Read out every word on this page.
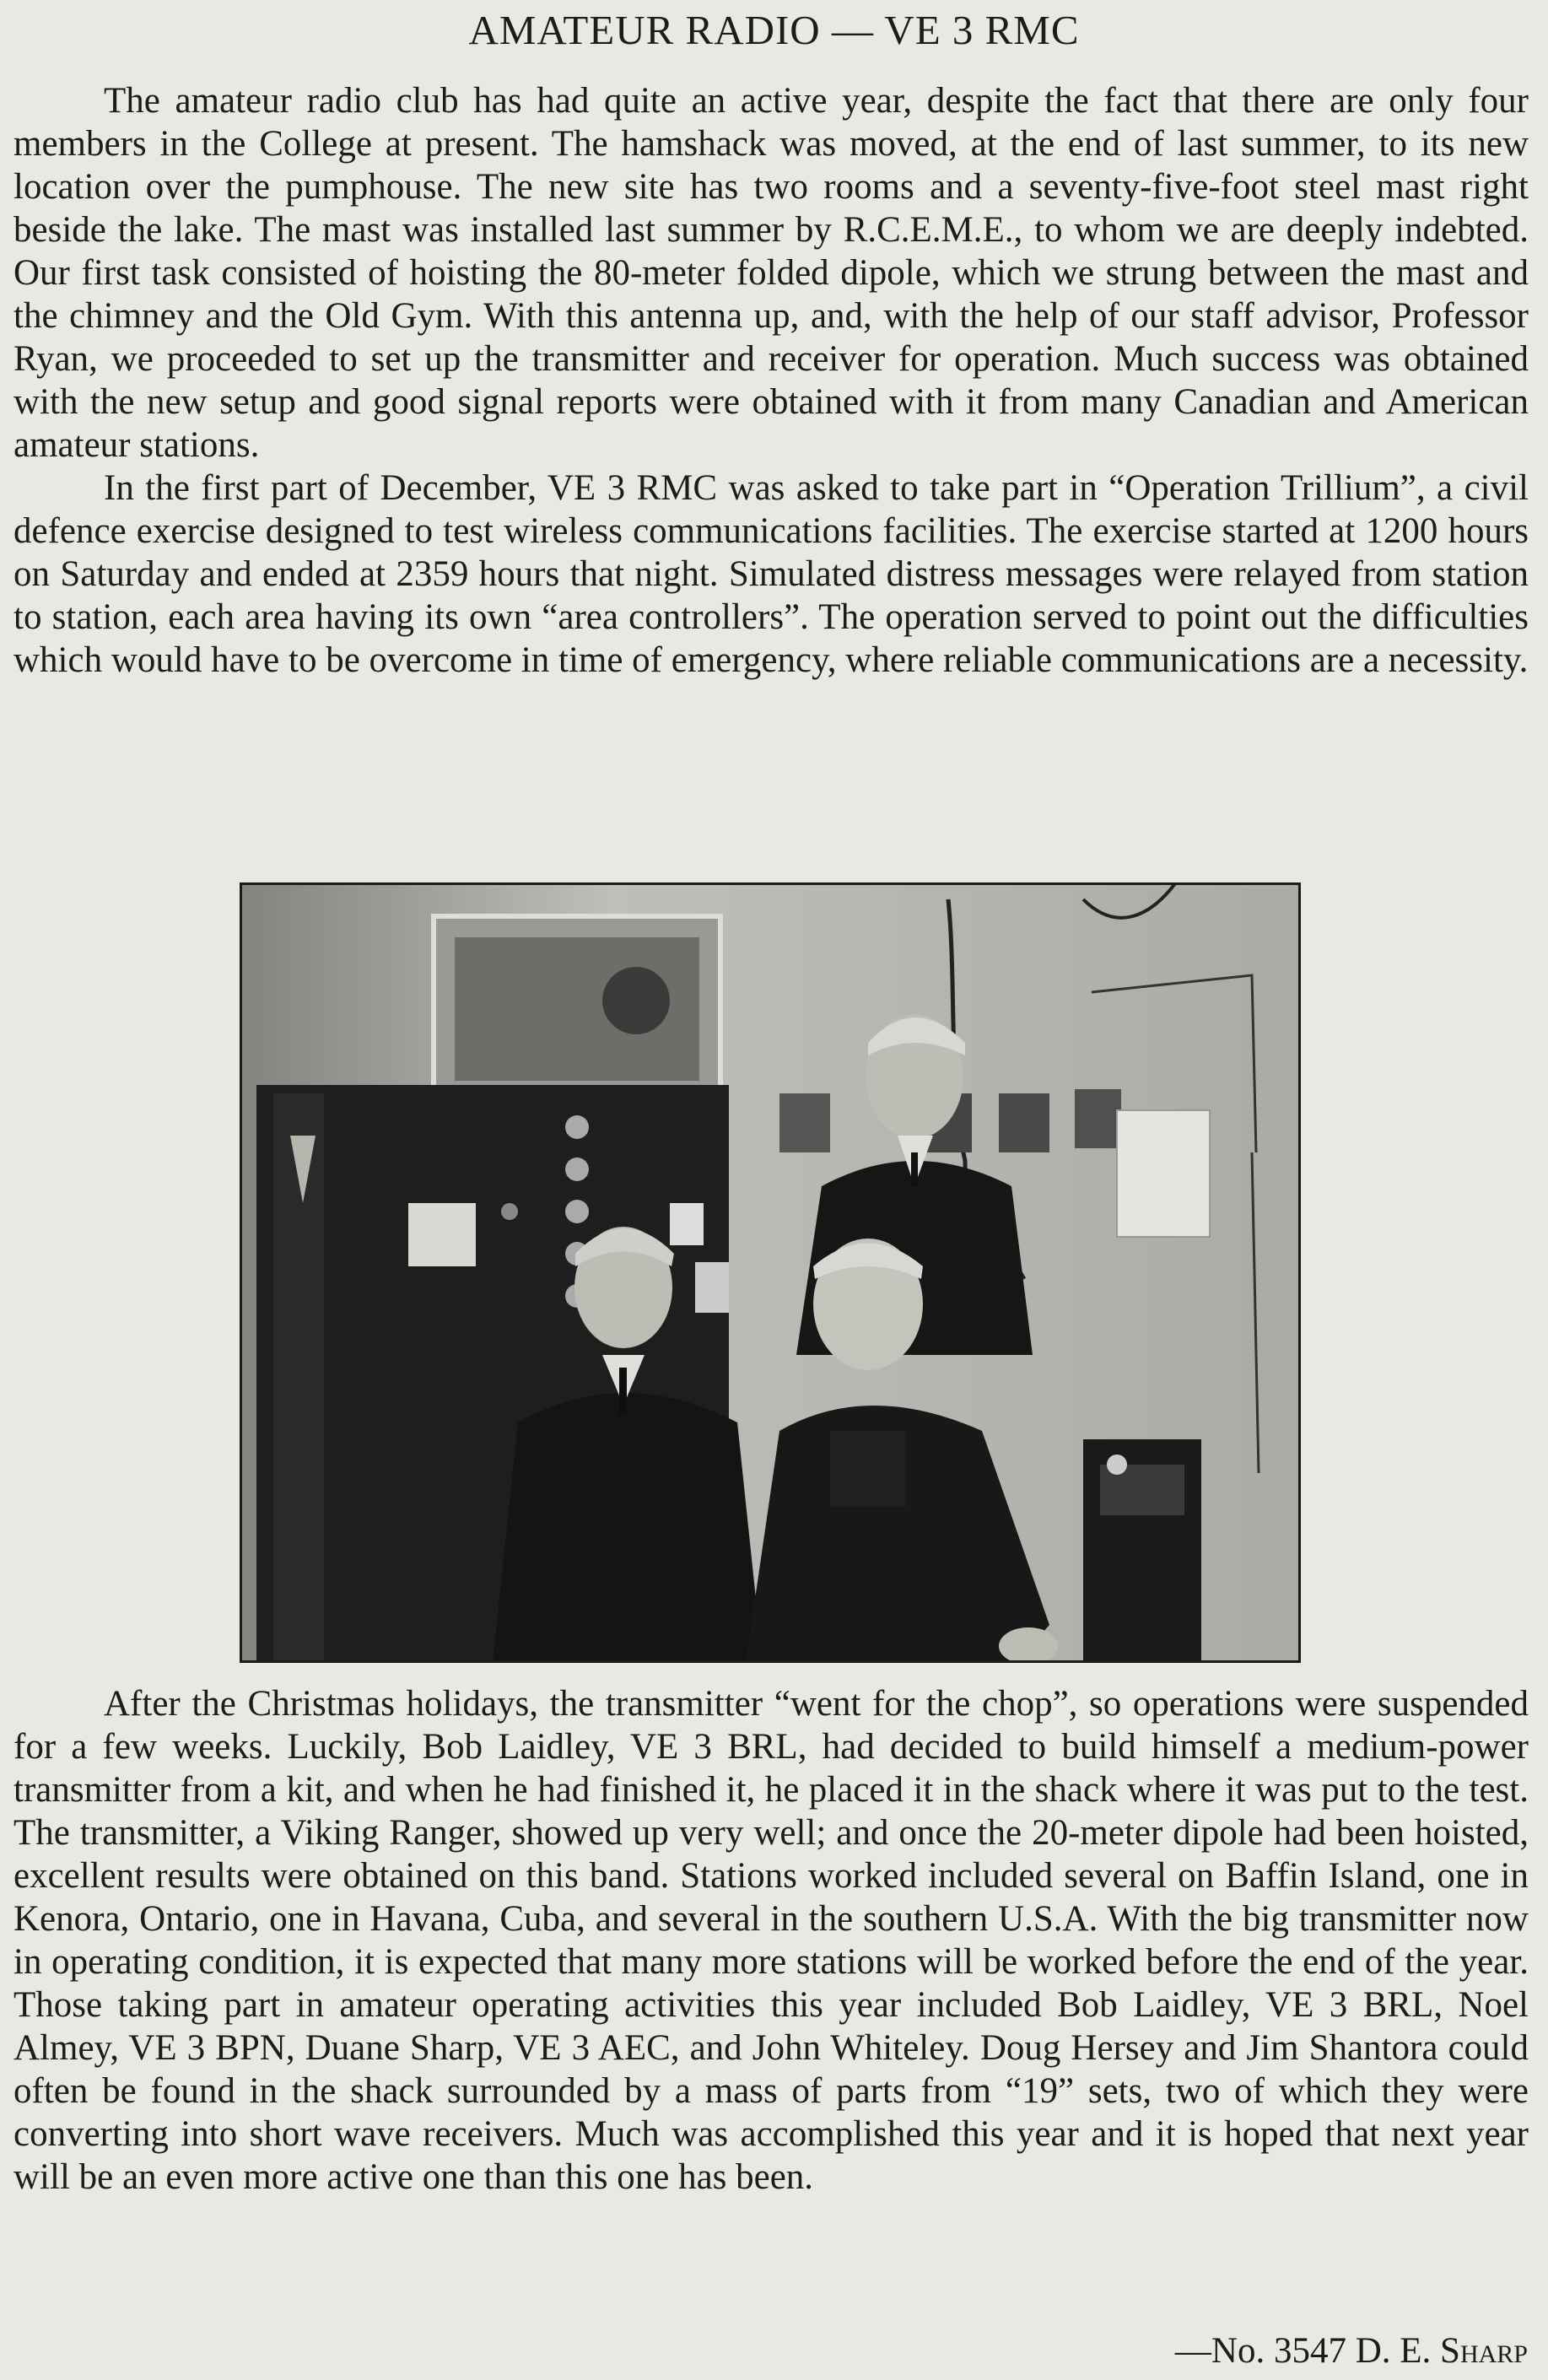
AMATEUR RADIO — VE 3 RMC

The amateur radio club has had quite an active year, despite the fact that there are only four members in the College at present. The hamshack was moved, at the end of last summer, to its new location over the pumphouse. The new site has two rooms and a seventy-five-foot steel mast right beside the lake. The mast was installed last summer by R.C.E.M.E., to whom we are deeply indebted. Our first task consisted of hoisting the 80-meter folded dipole, which we strung between the mast and the chimney and the Old Gym. With this antenna up, and, with the help of our staff advisor, Professor Ryan, we proceeded to set up the transmitter and receiver for operation. Much success was obtained with the new setup and good signal reports were obtained with it from many Canadian and American amateur stations.

In the first part of December, VE 3 RMC was asked to take part in “Operation Trillium”, a civil defence exercise designed to test wireless communications facilities. The exercise started at 1200 hours on Saturday and ended at 2359 hours that night. Simulated distress messages were relayed from station to station, each area having its own “area controllers”. The operation served to point out the difficulties which would have to be overcome in time of emergency, where reliable communications are a necessity.

After the Christmas holidays, the transmitter “went for the chop”, so operations were suspended for a few weeks. Luckily, Bob Laidley, VE 3 BRL, had decided to build himself a medium-power transmitter from a kit, and when he had finished it, he placed it in the shack where it was put to the test. The transmitter, a Viking Ranger, showed up very well; and once the 20-meter dipole had been hoisted, excellent results were obtained on this band. Stations worked included several on Baffin Island, one in Kenora, Ontario, one in Havana, Cuba, and several in the southern U.S.A. With the big transmitter now in operating condition, it is expected that many more stations will be worked before the end of the year. Those taking part in amateur operating activities this year included Bob Laidley, VE 3 BRL, Noel Almey, VE 3 BPN, Duane Sharp, VE 3 AEC, and John Whiteley. Doug Hersey and Jim Shantora could often be found in the shack surrounded by a mass of parts from “19” sets, two of which they were converting into short wave receivers. Much was accomplished this year and it is hoped that next year will be an even more active one than this one has been.

—No. 3547 D. E. Sharp
